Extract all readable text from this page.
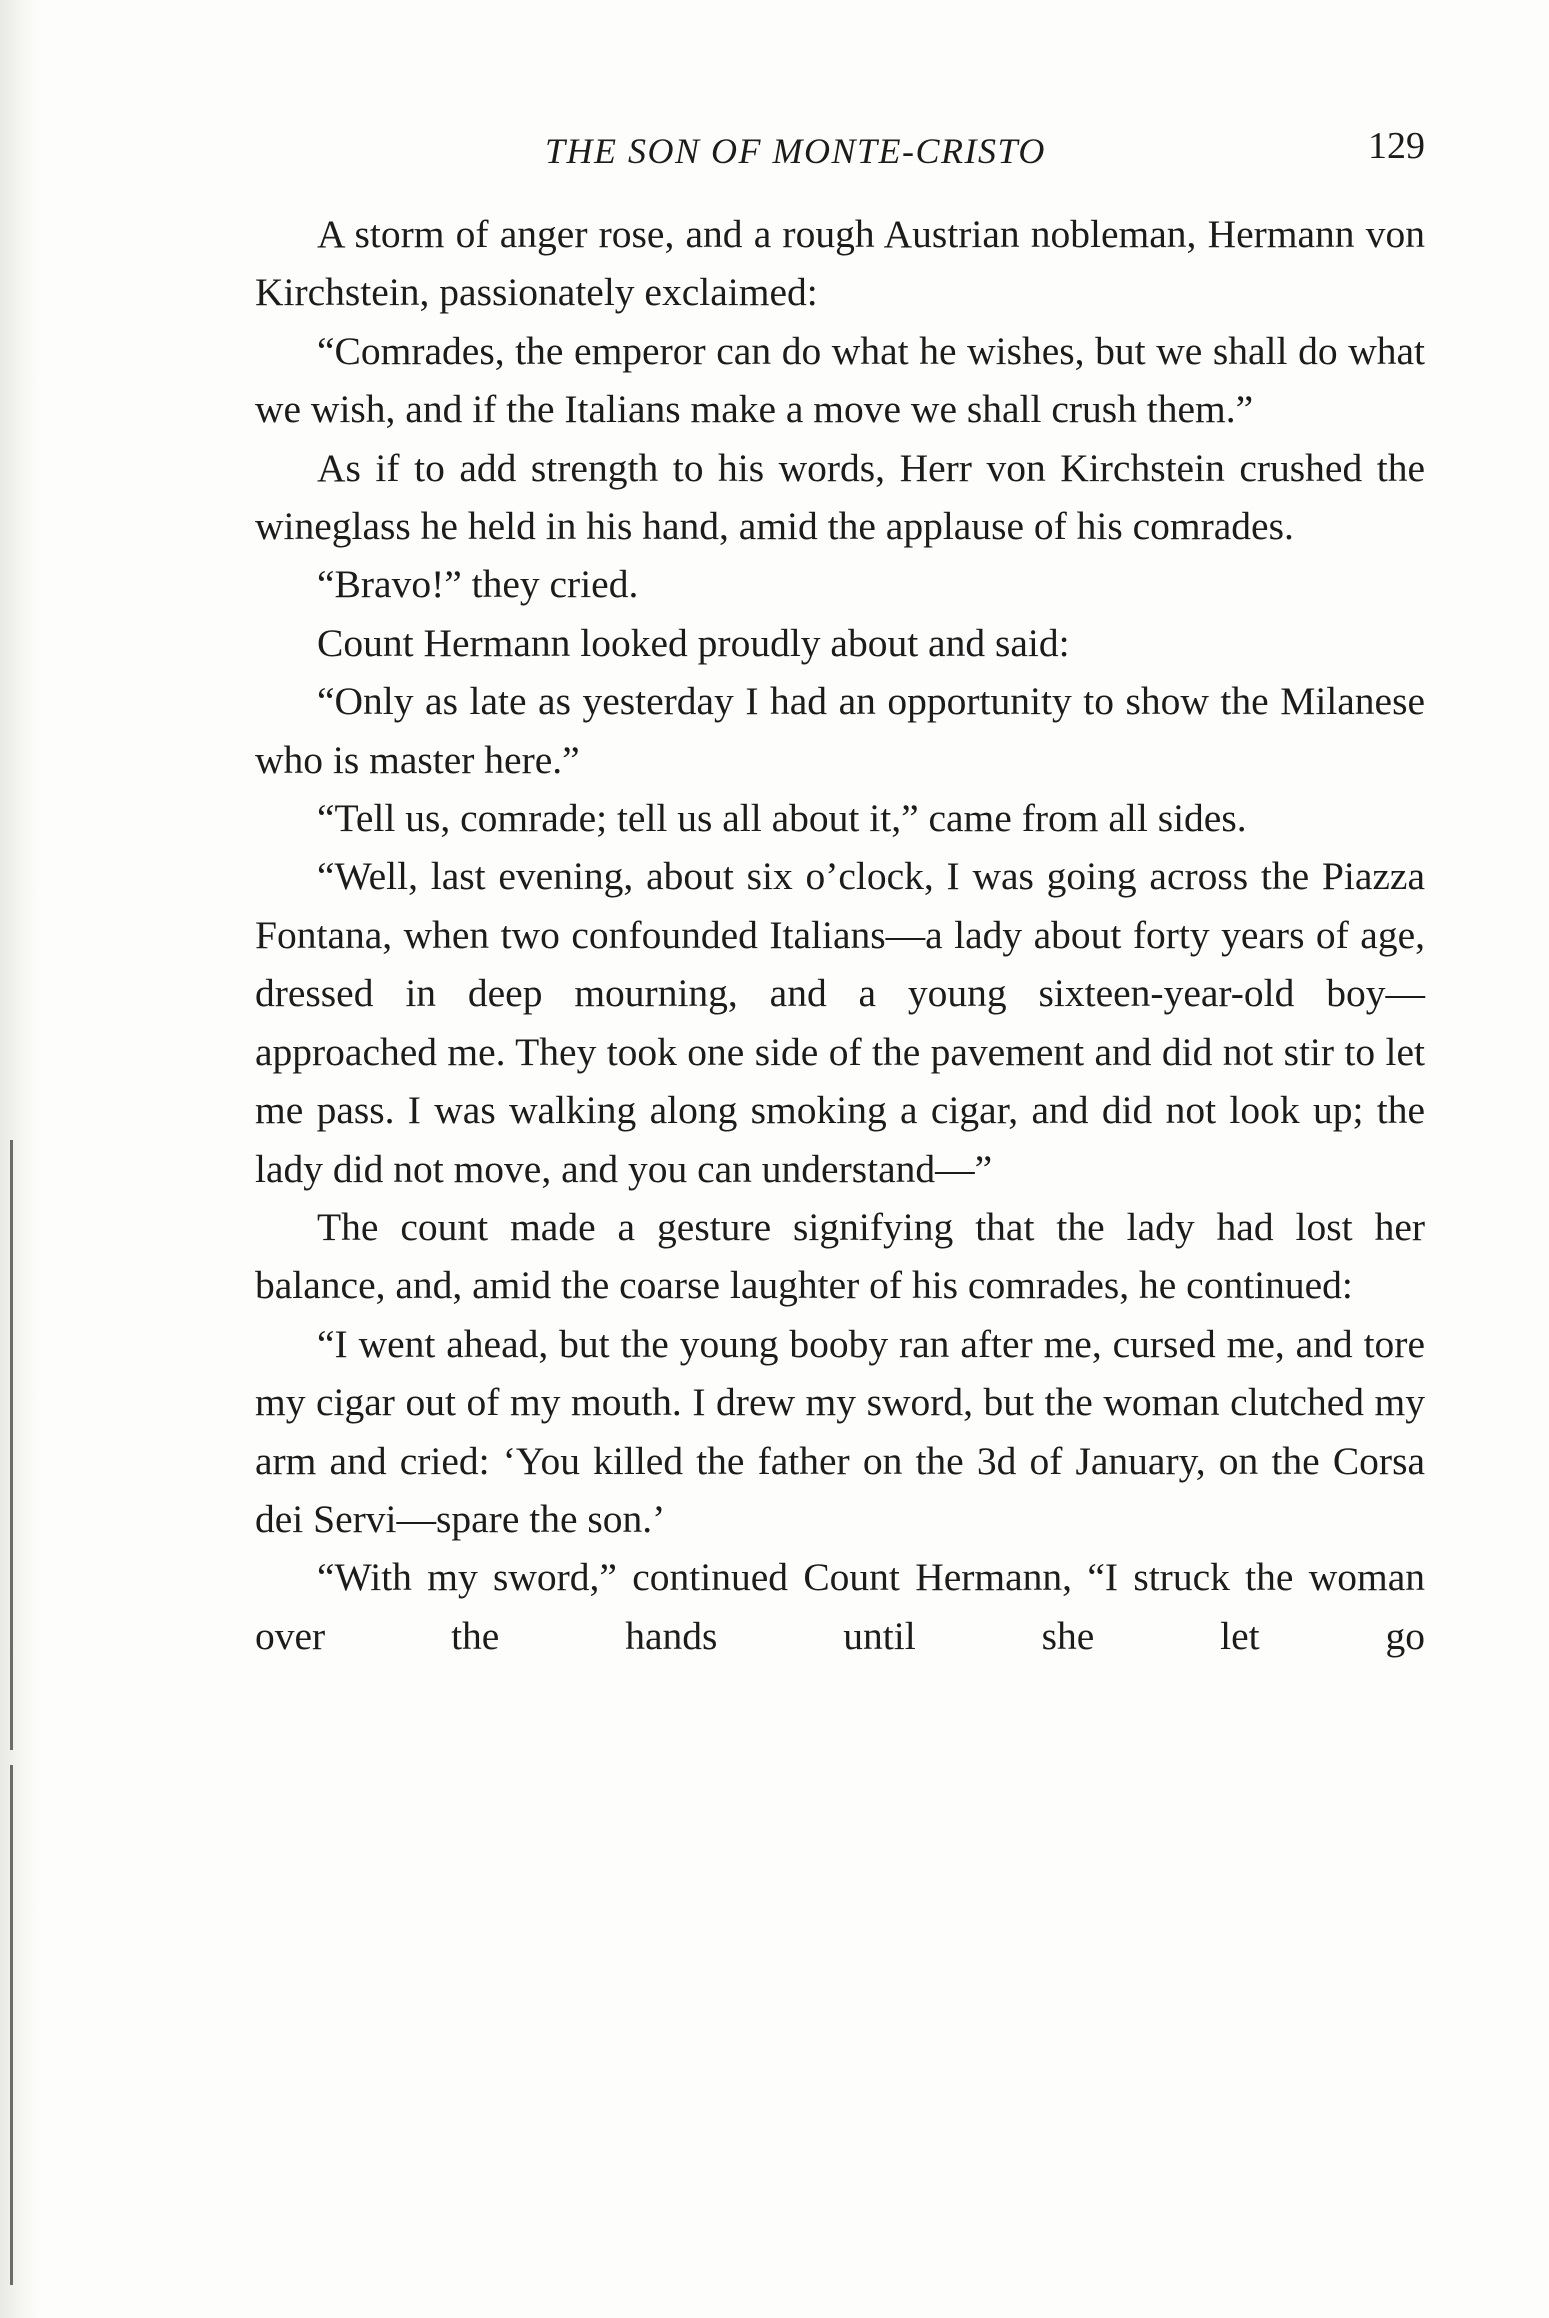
THE SON OF MONTE-CRISTO	129

A storm of anger rose, and a rough Austrian nobleman, Hermann von Kirchstein, passionately exclaimed:

“Comrades, the emperor can do what he wishes, but we shall do what we wish, and if the Italians make a move we shall crush them.”

As if to add strength to his words, Herr von Kirchstein crushed the wineglass he held in his hand, amid the applause of his comrades.

“Bravo!” they cried.

Count Hermann looked proudly about and said:

“Only as late as yesterday I had an opportunity to show the Milanese who is master here.”

“Tell us, comrade; tell us all about it,” came from all sides.

“Well, last evening, about six o’clock, I was going across the Piazza Fontana, when two confounded Italians—a lady about forty years of age, dressed in deep mourning, and a young sixteen-year-old boy—approached me. They took one side of the pavement and did not stir to let me pass. I was walking along smoking a cigar, and did not look up; the lady did not move, and you can understand—”

The count made a gesture signifying that the lady had lost her balance, and, amid the coarse laughter of his comrades, he continued:

“I went ahead, but the young booby ran after me, cursed me, and tore my cigar out of my mouth. I drew my sword, but the woman clutched my arm and cried: ‘You killed the father on the 3d of January, on the Corsa dei Servi—spare the son.’

“With my sword,” continued Count Hermann, “I struck the woman over the hands until she let go
